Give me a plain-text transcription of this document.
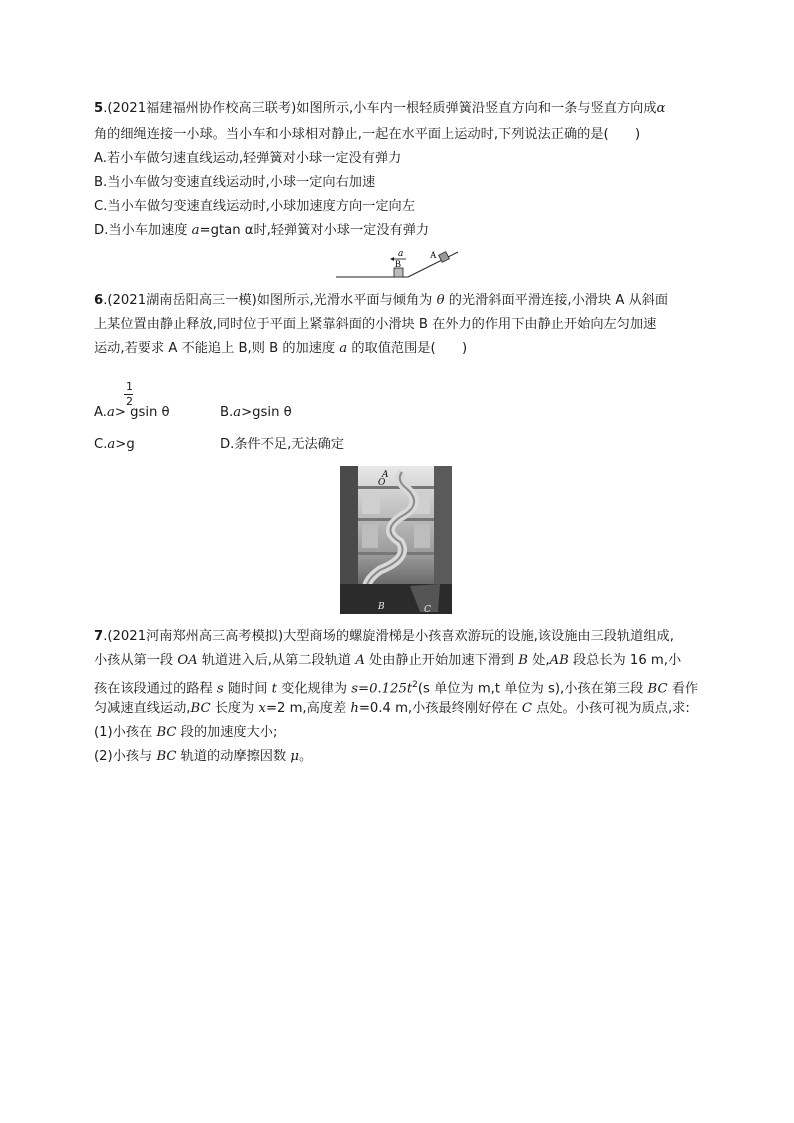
5.(2021福建福州协作校高三联考)如图所示,小车内一根轻质弹簧沿竖直方向和一条与竖直方向成α
角的细绳连接一小球。当小车和小球相对静止,一起在水平面上运动时,下列说法正确的是(　　)
A.若小车做匀速直线运动,轻弹簧对小球一定没有弹力
B.当小车做匀变速直线运动时,小球一定向右加速
C.当小车做匀变速直线运动时,小球加速度方向一定向左
D.当小车加速度 a=gtan α时,轻弹簧对小球一定没有弹力
a
B
A
6.(2021湖南岳阳高三一模)如图所示,光滑水平面与倾角为 θ 的光滑斜面平滑连接,小滑块 A 从斜面
上某位置由静止释放,同时位于平面上紧靠斜面的小滑块 B 在外力的作用下由静止开始向左匀加速
运动,若要求 A 不能追上 B,则 B 的加速度 a 的取值范围是(　　)
1
2
A.a> gsin θ	B.a>gsin θ
C.a>g	D.条件不足,无法确定
O
A
B	C
7.(2021河南郑州高三高考模拟)大型商场的螺旋滑梯是小孩喜欢游玩的设施,该设施由三段轨道组成,
小孩从第一段 OA 轨道进入后,从第二段轨道 A 处由静止开始加速下滑到 B 处,AB 段总长为 16 m,小
孩在该段通过的路程 s 随时间 t 变化规律为 $s=0.125t^2(s$ 单位为 m,t 单位为 s),小孩在第三段 BC 看作
匀减速直线运动,BC 长度为 x=2 m,高度差 h=0.4 m,小孩最终刚好停在 C 点处。小孩可视为质点,求:
(1)小孩在 BC 段的加速度大小;
(2)小孩与 BC 轨道的动摩擦因数 μ。
